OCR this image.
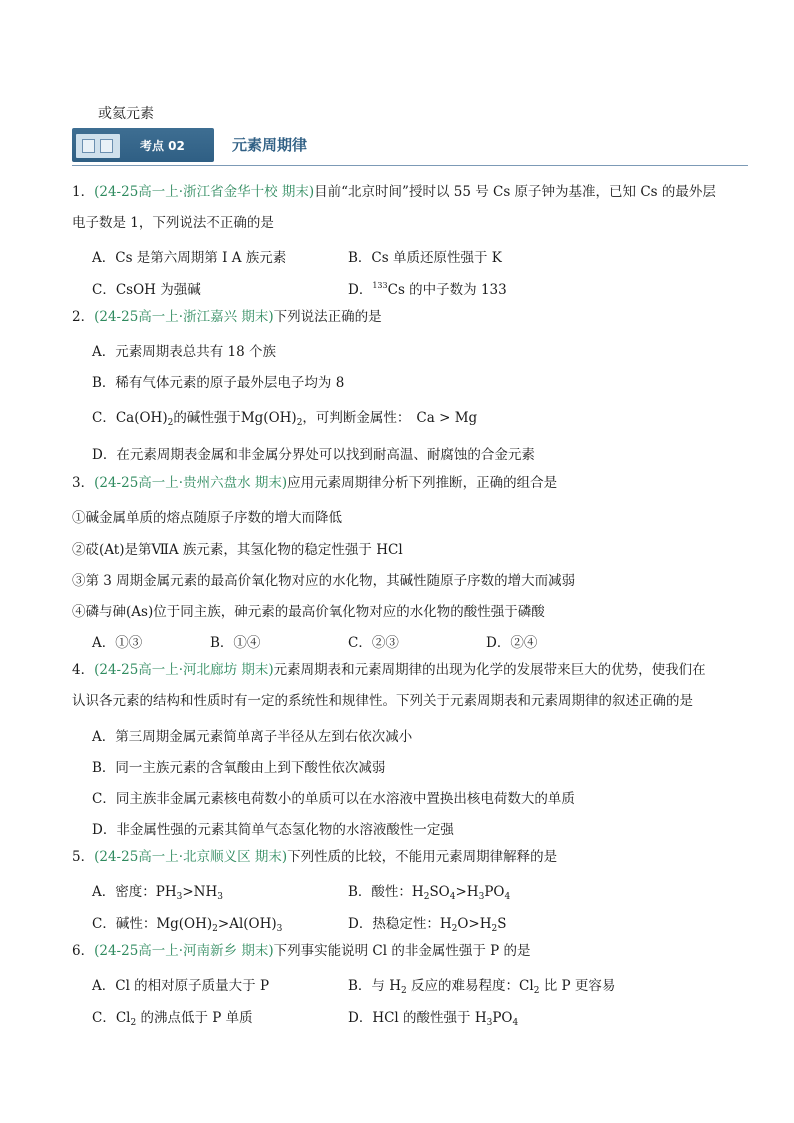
或氦元素
考点 02	元素周期律
1．(24-25高一上·浙江省金华十校 期末)目前“北京时间”授时以 55 号 Cs 原子钟为基准，已知 Cs 的最外层
电子数是 1，下列说法不正确的是
A．Cs 是第六周期第 I A 族元素	B．Cs 单质还原性强于 K
C．CsOH 为强碱	D．$^{133}$Cs 的中子数为 133
2．(24-25高一上·浙江嘉兴 期末)下列说法正确的是
A．元素周期表总共有 18 个族
B．稀有气体元素的原子最外层电子均为 8
C．$Ca(OH)_2$的碱性强于$Mg(OH)_2$，可判断金属性： Ca > Mg
D．在元素周期表金属和非金属分界处可以找到耐高温、耐腐蚀的合金元素
3．(24-25高一上·贵州六盘水 期末)应用元素周期律分析下列推断，正确的组合是
①碱金属单质的熔点随原子序数的增大而降低
②砹(At)是第ⅦA 族元素，其氢化物的稳定性强于 HCl
③第 3 周期金属元素的最高价氧化物对应的水化物，其碱性随原子序数的增大而减弱
④磷与砷(As)位于同主族，砷元素的最高价氧化物对应的水化物的酸性强于磷酸
A．①③	B．①④	C．②③	D．②④
4．(24-25高一上·河北廊坊 期末)元素周期表和元素周期律的出现为化学的发展带来巨大的优势，使我们在
认识各元素的结构和性质时有一定的系统性和规律性。下列关于元素周期表和元素周期律的叙述正确的是
A．第三周期金属元素简单离子半径从左到右依次减小
B．同一主族元素的含氧酸由上到下酸性依次减弱
C．同主族非金属元素核电荷数小的单质可以在水溶液中置换出核电荷数大的单质
D．非金属性强的元素其简单气态氢化物的水溶液酸性一定强
5．(24-25高一上·北京顺义区 期末)下列性质的比较，不能用元素周期律解释的是
A．密度：$PH_3>NH_3$	B．酸性：$H_2SO_4>H_3PO_4$
C．碱性：$Mg(OH)_2>Al(OH)_3$	D．热稳定性：$H_2O>H_2S$
6．(24-25高一上·河南新乡 期末)下列事实能说明 Cl 的非金属性强于 P 的是
A．Cl 的相对原子质量大于 P	B．与 $H_2$ 反应的难易程度：$Cl_2$ 比 P 更容易
C．$Cl_2$ 的沸点低于 P 单质	D．HCl 的酸性强于 $H_3PO_4$
